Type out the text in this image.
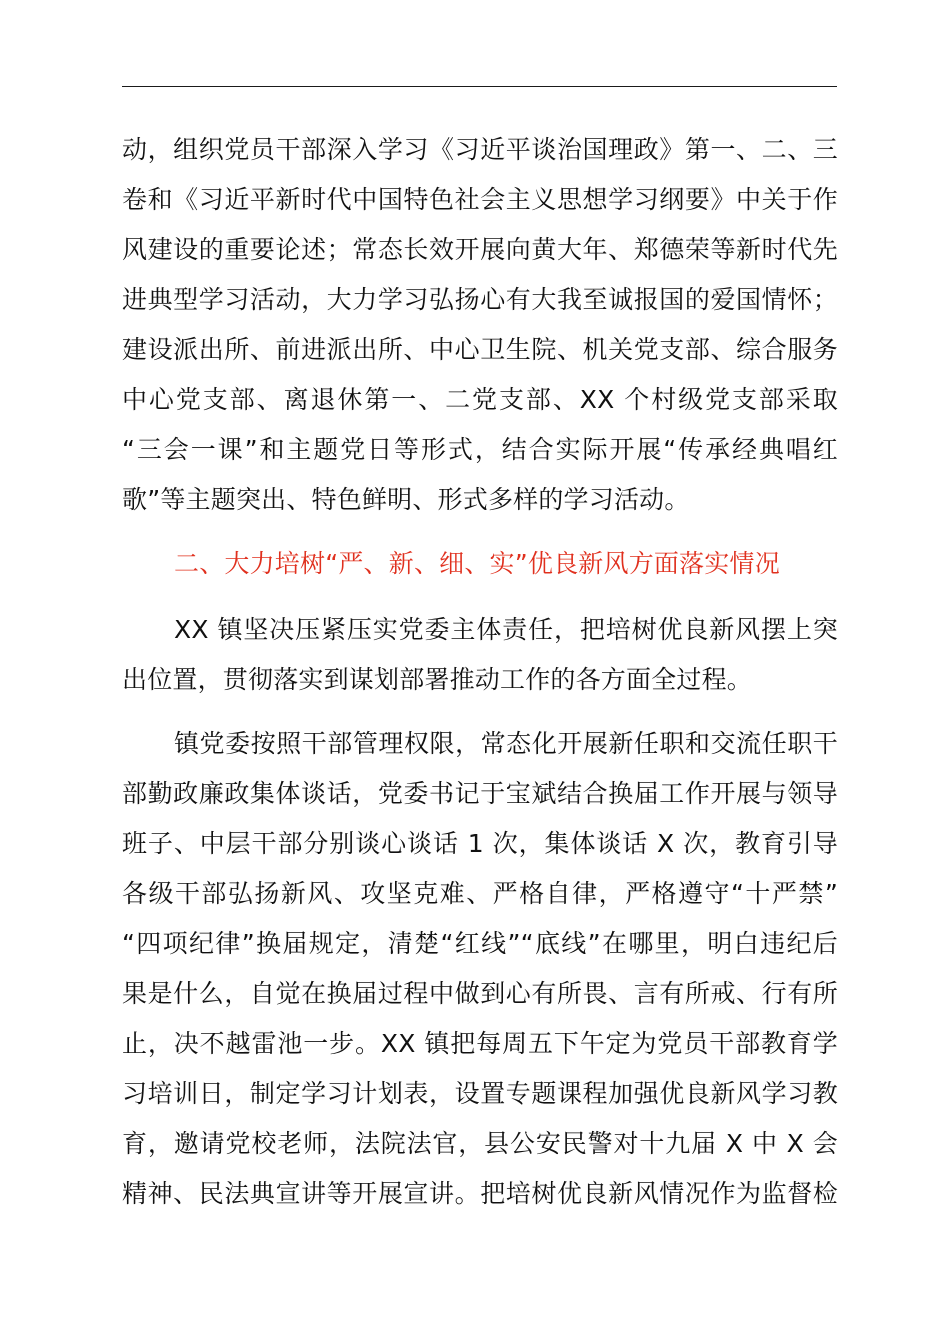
动，组织党员干部深入学习《习近平谈治国理政》第一、二、三
卷和《习近平新时代中国特色社会主义思想学习纲要》中关于作
风建设的重要论述；常态长效开展向黄大年、郑德荣等新时代先
进典型学习活动，大力学习弘扬心有大我至诚报国的爱国情怀；
建设派出所、前进派出所、中心卫生院、机关党支部、综合服务
中心党支部、离退休第一、二党支部、XX 个村级党支部采取
“三会一课”和主题党日等形式，结合实际开展“传承经典唱红
歌”等主题突出、特色鲜明、形式多样的学习活动。
二、大力培树“严、新、细、实”优良新风方面落实情况
XX 镇坚决压紧压实党委主体责任，把培树优良新风摆上突
出位置，贯彻落实到谋划部署推动工作的各方面全过程。
镇党委按照干部管理权限，常态化开展新任职和交流任职干
部勤政廉政集体谈话，党委书记于宝斌结合换届工作开展与领导
班子、中层干部分别谈心谈话 1 次，集体谈话 X 次，教育引导
各级干部弘扬新风、攻坚克难、严格自律，严格遵守“十严禁”
“四项纪律”换届规定，清楚“红线”“底线”在哪里，明白违纪后
果是什么，自觉在换届过程中做到心有所畏、言有所戒、行有所
止，决不越雷池一步。XX 镇把每周五下午定为党员干部教育学
习培训日，制定学习计划表，设置专题课程加强优良新风学习教
育，邀请党校老师，法院法官，县公安民警对十九届 X 中 X 会
精神、民法典宣讲等开展宣讲。把培树优良新风情况作为监督检
